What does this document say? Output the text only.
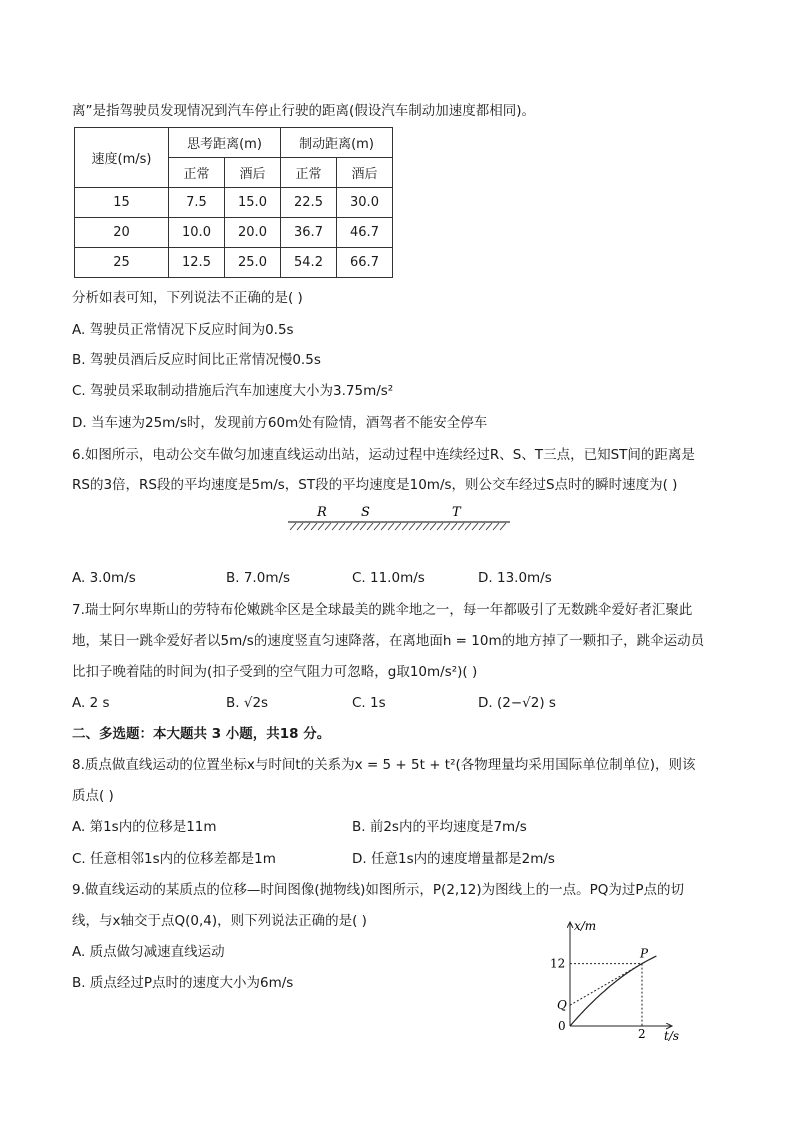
离”是指驾驶员发现情况到汽车停止行驶的距离(假设汽车制动加速度都相同)。
速度(m/s)	思考距离(m)		制动距离(m)	
	正常	酒后	正常	酒后
15	7.5	15.0	22.5	30.0
20	10.0	20.0	36.7	46.7
25	12.5	25.0	54.2	66.7
分析如表可知，下列说法不正确的是( )
A. 驾驶员正常情况下反应时间为0.5s
B. 驾驶员酒后反应时间比正常情况慢0.5s
C. 驾驶员采取制动措施后汽车加速度大小为3.75m/s²
D. 当车速为25m/s时，发现前方60m处有险情，酒驾者不能安全停车
6.如图所示，电动公交车做匀加速直线运动出站，运动过程中连续经过R、S、T三点，已知ST间的距离是
RS的3倍，RS段的平均速度是5m/s，ST段的平均速度是10m/s，则公交车经过S点时的瞬时速度为( )
R	S	T
A. 3.0m/s	B. 7.0m/s	C. 11.0m/s	D. 13.0m/s
7.瑞士阿尔卑斯山的劳特布伦嫩跳伞区是全球最美的跳伞地之一，每一年都吸引了无数跳伞爱好者汇聚此
地，某日一跳伞爱好者以5m/s的速度竖直匀速降落，在离地面h = 10m的地方掉了一颗扣子，跳伞运动员
比扣子晚着陆的时间为(扣子受到的空气阻力可忽略，g取10m/s²)( )
A. 2 s	B. √2s	C. 1s	D. (2−√2) s
二、多选题：本大题共 3 小题，共18 分。
8.质点做直线运动的位置坐标x与时间t的关系为x = 5 + 5t + t²(各物理量均采用国际单位制单位)，则该
质点( )
A. 第1s内的位移是11m	B. 前2s内的平均速度是7m/s
C. 任意相邻1s内的位移差都是1m	D. 任意1s内的速度增量都是2m/s
9.做直线运动的某质点的位移—时间图像(抛物线)如图所示，P(2,12)为图线上的一点。PQ为过P点的切
线，与x轴交于点Q(0,4)，则下列说法正确的是( )
A. 质点做匀减速直线运动
B. 质点经过P点时的速度大小为6m/s
x/m
t/s
0
12
2
P
Q
